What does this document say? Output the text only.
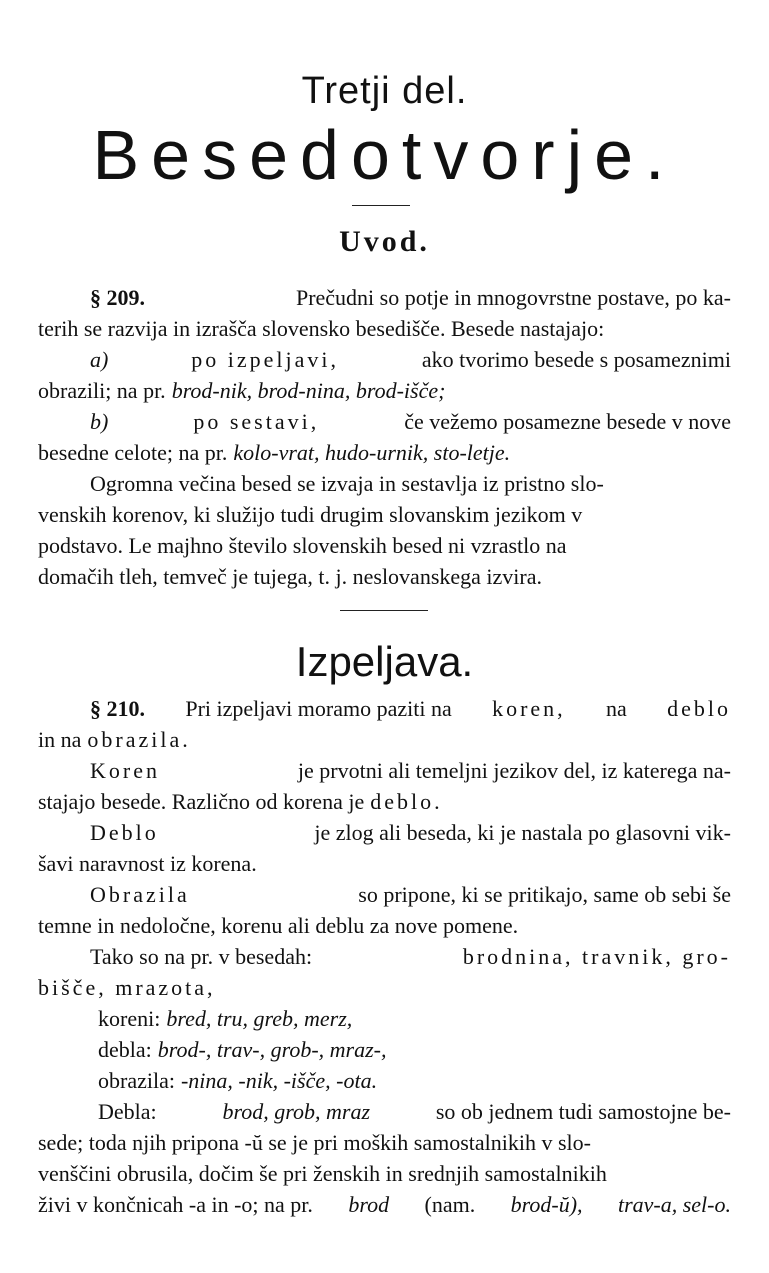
Tretji del.
Besedotvorje.
Uvod.
§ 209.	Prečudni so potje in mnogovrstne postave, po ka-
terih se razvija in izrašča slovensko besedišče. Besede nastajajo:
a)	po izpeljavi,	ako tvorimo besede s posameznimi
obrazili; na pr. brod-nik, brod-nina, brod-išče;
b)	po sestavi,	če vežemo posamezne besede v nove
besedne celote; na pr. kolo-vrat, hudo-urnik, sto-letje.
Ogromna večina besed se izvaja in sestavlja iz pristno slo-
venskih korenov, ki služijo tudi drugim slovanskim jezikom v
podstavo. Le majhno število slovenskih besed ni vzrastlo na
domačih tleh, temveč je tujega, t. j. neslovanskega izvira.
Izpeljava.
§ 210. Pri izpeljavi moramo paziti na koren, na deblo
in na obrazila.
Koren	je prvotni ali temeljni jezikov del, iz katerega na-
stajajo besede. Različno od korena je deblo.
Deblo	je zlog ali beseda, ki je nastala po glasovni vik-
šavi naravnost iz korena.
Obrazila	so pripone, ki se pritikajo, same ob sebi še
temne in nedoločne, korenu ali deblu za nove pomene.
Tako so na pr. v besedah:	brodnina, travnik, gro-
bišče, mrazota,
koreni: bred, tru, greb, merz,
debla: brod-, trav-, grob-, mraz-,
obrazila: -nina, -nik, -išče, -ota.
Debla:	brod, grob, mraz	so ob jednem tudi samostojne be-
sede; toda njih pripona -ŭ se je pri moških samostalnikih v slo-
venščini obrusila, dočim še pri ženskih in srednjih samostalnikih
živi v končnicah -a in -o; na pr. brod (nam. brod-ŭ), trav-a, sel-o.
